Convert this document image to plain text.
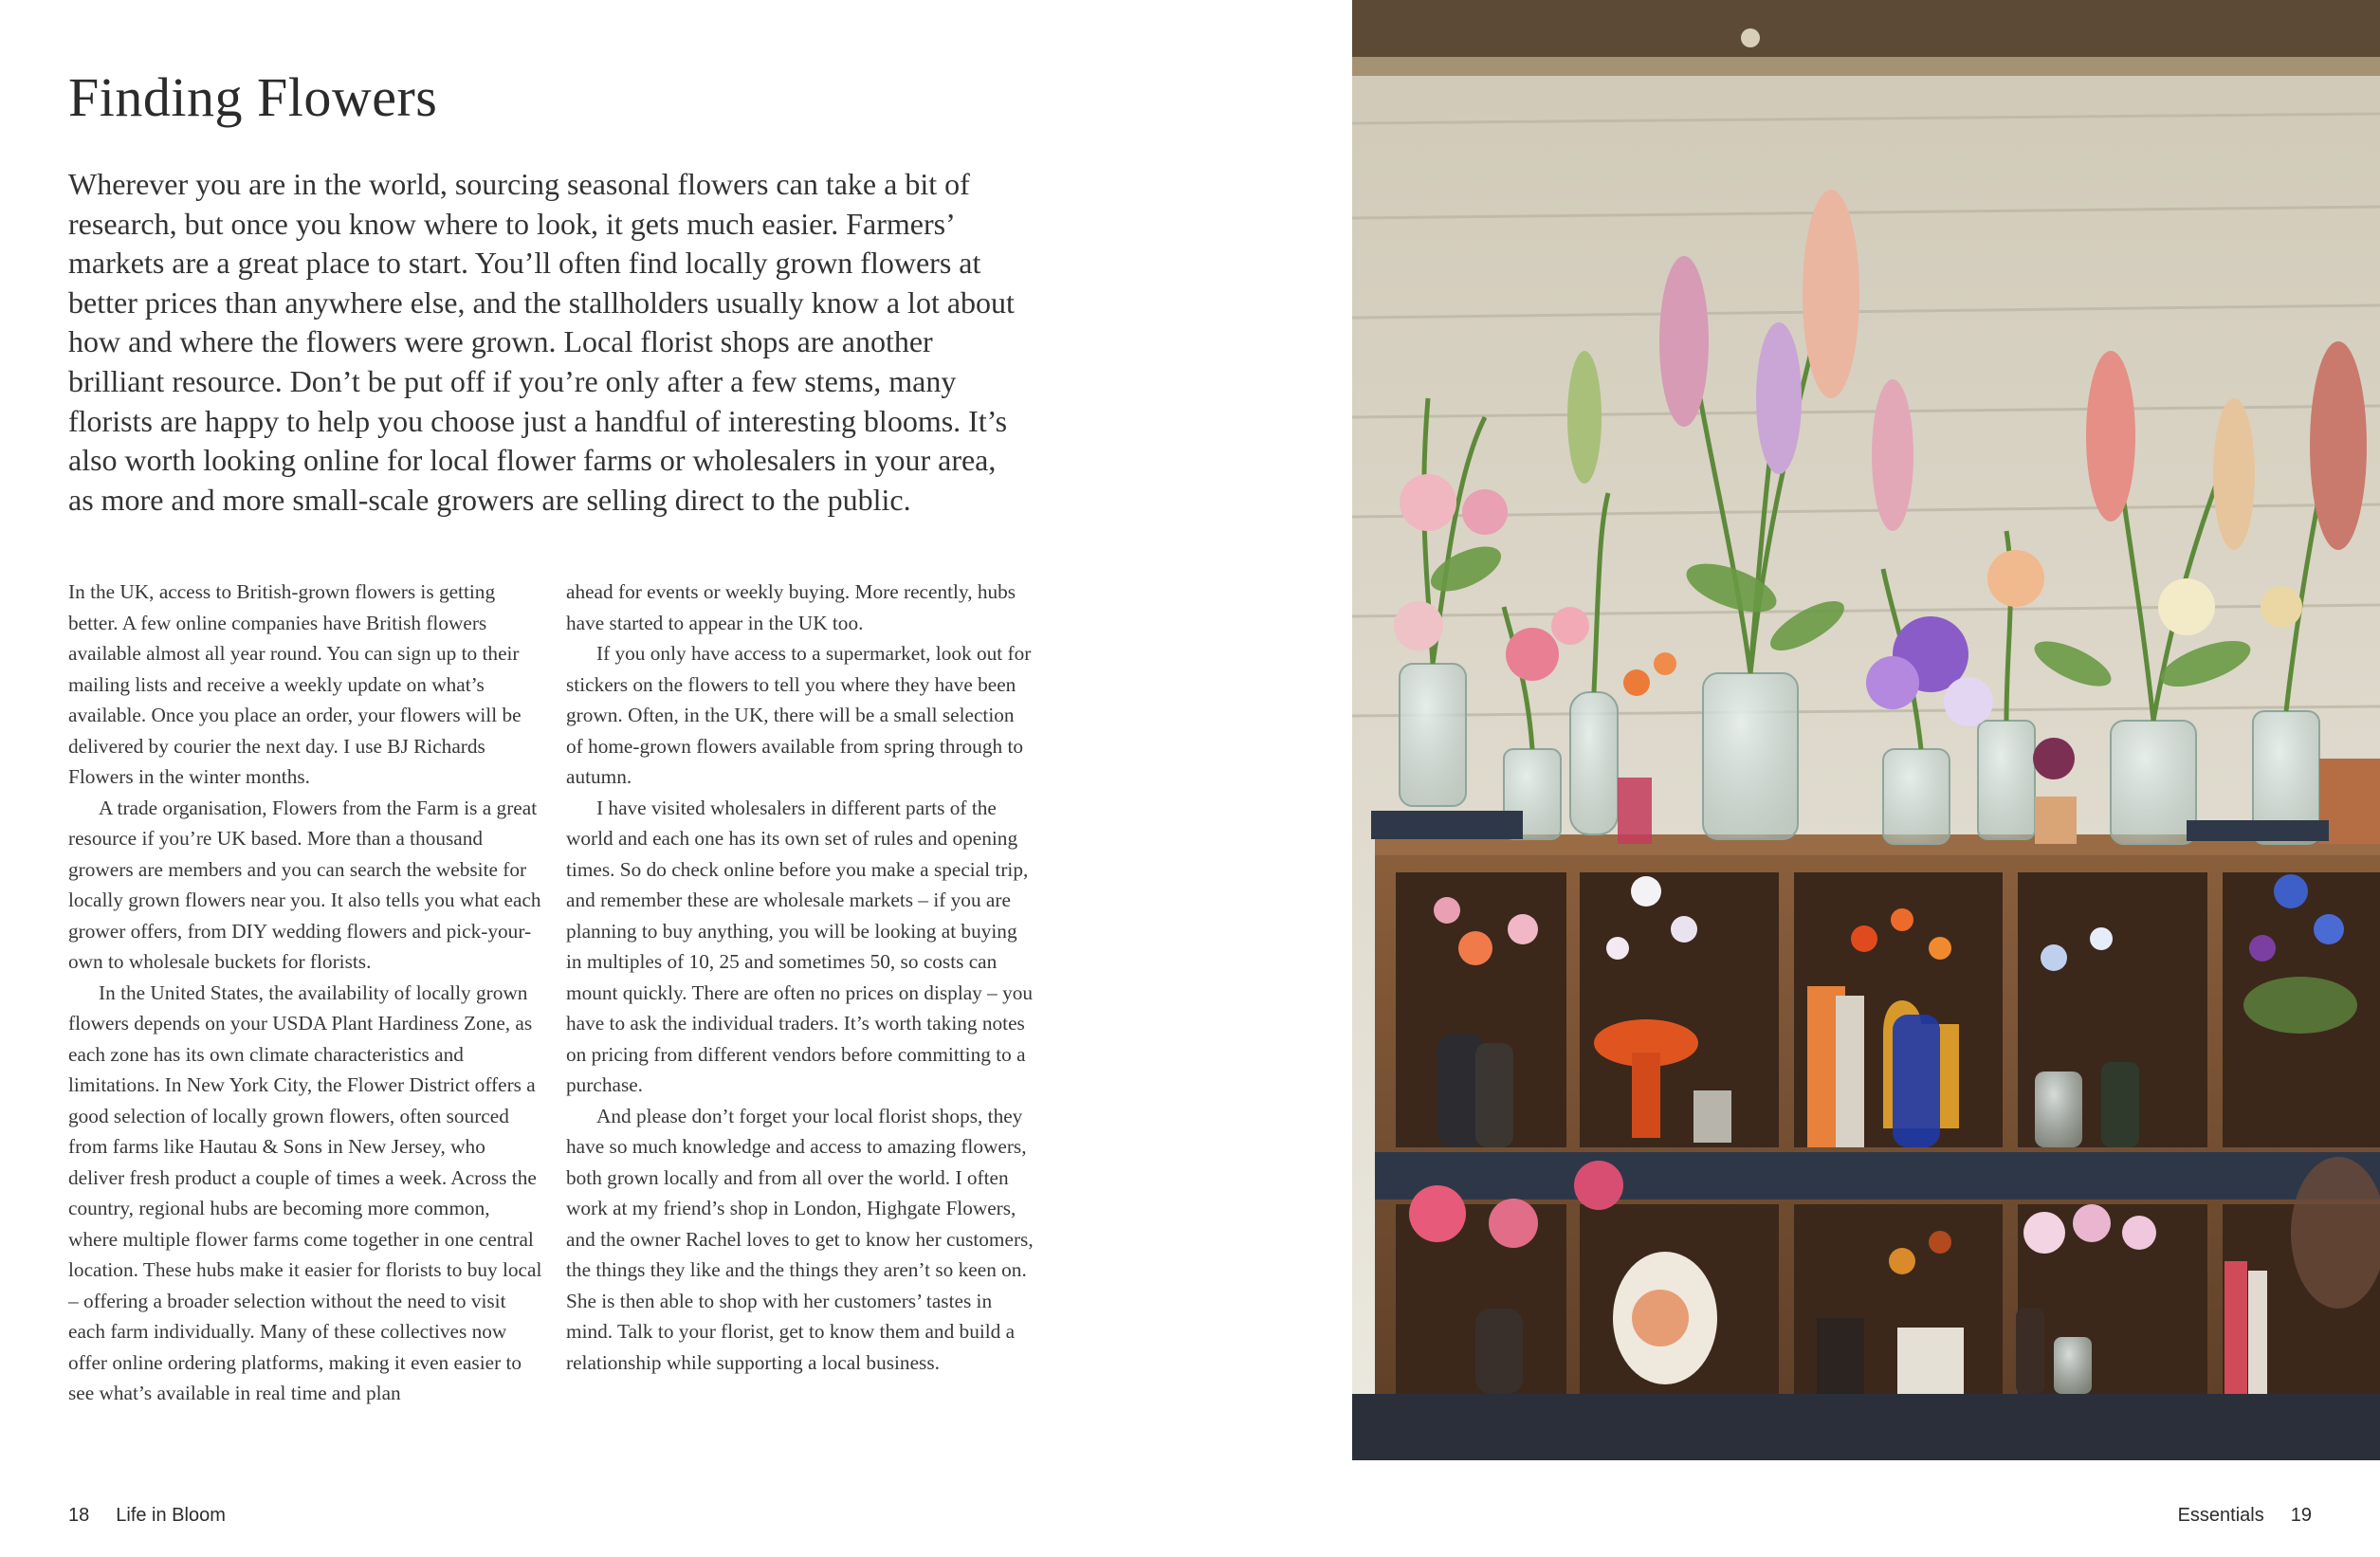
Finding Flowers

Wherever you are in the world, sourcing seasonal flowers can take a bit of research, but once you know where to look, it gets much easier. Farmers’ markets are a great place to start. You’ll often find locally grown flowers at better prices than anywhere else, and the stallholders usually know a lot about how and where the flowers were grown. Local florist shops are another brilliant resource. Don’t be put off if you’re only after a few stems, many florists are happy to help you choose just a handful of interesting blooms. It’s also worth looking online for local flower farms or wholesalers in your area, as more and more small-scale growers are selling direct to the public.

In the UK, access to British-grown flowers is getting better. A few online companies have British flowers available almost all year round. You can sign up to their mailing lists and receive a weekly update on what’s available. Once you place an order, your flowers will be delivered by courier the next day. I use BJ Richards Flowers in the winter months.

A trade organisation, Flowers from the Farm is a great resource if you’re UK based. More than a thousand growers are members and you can search the website for locally grown flowers near you. It also tells you what each grower offers, from DIY wedding flowers and pick-your-own to wholesale buckets for florists.

In the United States, the availability of locally grown flowers depends on your USDA Plant Hardiness Zone, as each zone has its own climate characteristics and limitations. In New York City, the Flower District offers a good selection of locally grown flowers, often sourced from farms like Hautau & Sons in New Jersey, who deliver fresh product a couple of times a week. Across the country, regional hubs are becoming more common, where multiple flower farms come together in one central location. These hubs make it easier for florists to buy local – offering a broader selection without the need to visit each farm individually. Many of these collectives now offer online ordering platforms, making it even easier to see what’s available in real time and plan

ahead for events or weekly buying. More recently, hubs have started to appear in the UK too.

If you only have access to a supermarket, look out for stickers on the flowers to tell you where they have been grown. Often, in the UK, there will be a small selection of home-grown flowers available from spring through to autumn.

I have visited wholesalers in different parts of the world and each one has its own set of rules and opening times. So do check online before you make a special trip, and remember these are wholesale markets – if you are planning to buy anything, you will be looking at buying in multiples of 10, 25 and sometimes 50, so costs can mount quickly. There are often no prices on display – you have to ask the individual traders. It’s worth taking notes on pricing from different vendors before committing to a purchase.

And please don’t forget your local florist shops, they have so much knowledge and access to amazing flowers, both grown locally and from all over the world. I often work at my friend’s shop in London, Highgate Flowers, and the owner Rachel loves to get to know her customers, the things they like and the things they aren’t so keen on. She is then able to shop with her customers’ tastes in mind. Talk to your florist, get to know them and build a relationship while supporting a local business.

18 Life in Bloom	Essentials 19
